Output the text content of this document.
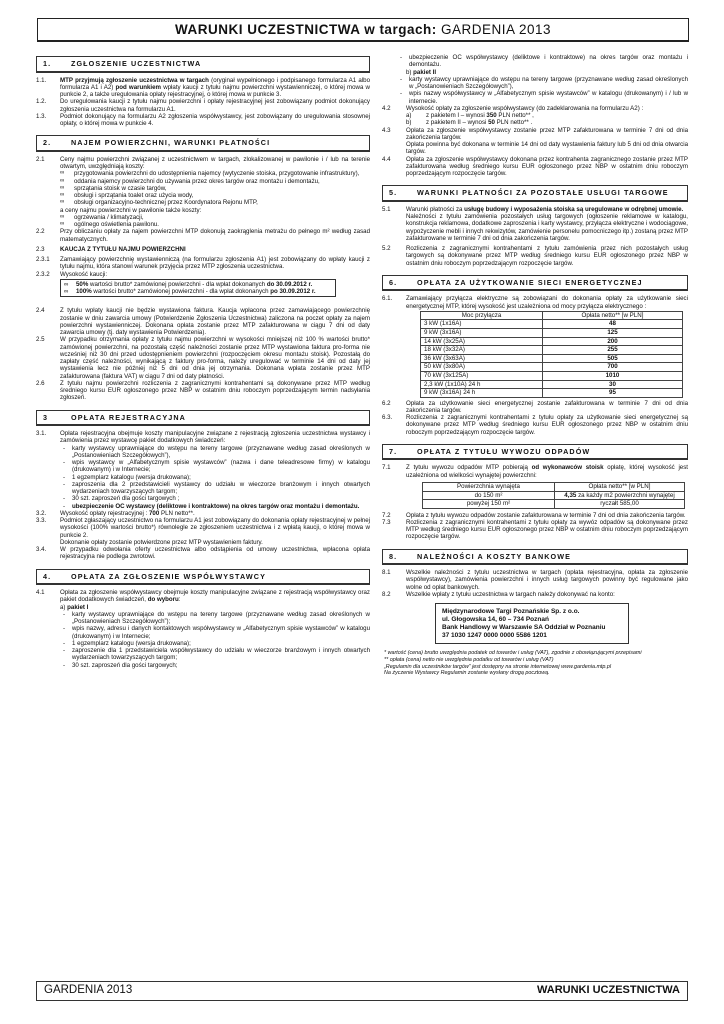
WARUNKI UCZESTNICTWA w targach: GARDENIA 2013
1.	ZGŁOSZENIE UCZESTNICTWA
1.1.	MTP przyjmują zgłoszenie uczestnictwa w targach (oryginał wypełnionego i podpisanego formularza A1 albo formularza A1 i A2) pod warunkiem wpłaty kaucji z tytułu najmu powierzchni wystawienniczej, o której mowa w punkcie 2, a także uregulowania opłaty rejestracyjnej, o której mowa w punkcie 3.
1.2.	Do uregulowania kaucji z tytułu najmu powierzchni i opłaty rejestracyjnej jest zobowiązany podmiot dokonujący zgłoszenia uczestnictwa na formularzu A1.
1.3.	Podmiot dokonujący na formularzu A2 zgłoszenia współwystawcy, jest zobowiązany do uregulowania stosownej opłaty, o której mowa w punkcie 4.
2.	NAJEM POWIERZCHNI, WARUNKI PŁATNOŚCI
2.1	Ceny najmu powierzchni związanej z uczestnictwem w targach, zlokalizowanej w pawilonie i / lub na terenie otwartym, uwzględniają koszty:
∞	przygotowania powierzchni do udostępnienia najemcy (wytyczenie stoiska, przygotowanie infrastruktury),
∞	oddania najemcy powierzchni do używania przez okres targów oraz montażu i demontażu,
∞	sprzątania stoisk w czasie targów,
∞	obsługi i sprzątania toalet oraz użycia wody,
∞	obsługi organizacyjno-technicznej przez Koordynatora Rejonu MTP,
a ceny najmu powierzchni w pawilonie także koszty:
∞	ogrzewania / klimatyzacji,
∞	ogólnego oświetlenia pawilonu.
2.2	Przy obliczaniu opłaty za najem powierzchni MTP dokonują zaokrąglenia metrażu do pełnego m² według zasad matematycznych.
2.3	KAUCJA Z TYTUŁU NAJMU POWIERZCHNI
2.3.1	Zamawiający powierzchnię wystawienniczą (na formularzu zgłoszenia A1) jest zobowiązany do wpłaty kaucji z tytułu najmu, która stanowi warunek przyjęcia przez MTP zgłoszenia uczestnictwa.
2.3.2	Wysokość kaucji:
∞	50% wartości brutto* zamówionej powierzchni - dla wpłat dokonanych do 30.09.2012 r.
∞	100% wartości brutto* zamówionej powierzchni - dla wpłat dokonanych po 30.09.2012 r.
2.4	Z tytułu wpłaty kaucji nie będzie wystawiona faktura. Kaucja wpłacona przez zamawiającego powierzchnię zostanie w dniu zawarcia umowy (Potwierdzenie Zgłoszenia Uczestnictwa) zaliczona na poczet opłaty za najem powierzchni wystawienniczej. Dokonana opłata zostanie przez MTP zafakturowana w ciągu 7 dni od daty zawarcia umowy (tj. daty wystawienia Potwierdzenia).
2.5	W przypadku otrzymania opłaty z tytułu najmu powierzchni w wysokości mniejszej niż 100 % wartości brutto* zamówionej powierzchni, na pozostałą część należności zostanie przez MTP wystawiona faktura pro-forma nie wcześniej niż 30 dni przed udostępnieniem powierzchni (rozpoczęciem okresu montażu stoisk). Pozostałą do zapłaty część należności, wynikającą z faktury pro-forma, należy uregulować w terminie 14 dni od daty jej wystawienia lecz nie później niż 5 dni od dnia jej otrzymania. Dokonana wpłata zostanie przez MTP zafakturowana (faktura VAT) w ciągu 7 dni od daty płatności.
2.6	Z tytułu najmu powierzchni rozliczenia z zagranicznymi kontrahentami są dokonywane przez MTP według średniego kursu EUR ogłoszonego przez NBP w ostatnim dniu roboczym poprzedzającym termin nadsyłania zgłoszeń.
3	OPŁATA REJESTRACYJNA
3.1.	Opłata rejestracyjna obejmuje koszty manipulacyjne związane z rejestracją zgłoszenia uczestnictwa wystawcy i zamówienia przez wystawcę pakiet dodatkowych świadczeń:
-	karty wystawcy uprawniające do wstępu na tereny targowe (przyznawane według zasad określonych w „Postanowieniach Szczegółowych”),
-	wpis wystawcy w „Alfabetycznym spisie wystawców” (nazwa i dane teleadresowe firmy) w katalogu (drukowanym) i w Internecie;
-	1 egzemplarz katalogu (wersja drukowana);
-	zaproszenia dla 2 przedstawicieli wystawcy do udziału w wieczorze branżowym i innych otwartych wydarzeniach towarzyszących targom;
-	30 szt. zaproszeń dla gości targowych ;
-	ubezpieczenie OC wystawcy (deliktowe i kontraktowe) na okres targów oraz montażu i demontażu.
3.2.	Wysokość opłaty rejestracyjnej : 700 PLN netto**.
3.3.	Podmiot zgłaszający uczestnictwo na formularzu A1 jest zobowiązany do dokonania opłaty rejestracyjnej w pełnej wysokości (100% wartości brutto*) równolegle ze zgłoszeniem uczestnictwa i z wpłatą kaucji, o której mowa w punkcie 2.
Dokonanie opłaty zostanie potwierdzone przez MTP wystawieniem faktury.
3.4.	W przypadku odwołania oferty uczestnictwa albo odstąpienia od umowy uczestnictwa, wpłacona opłata rejestracyjna nie podlega zwrotowi.
4.	OPŁATA ZA ZGŁOSZENIE WSPÓŁWYSTAWCY
4.1	Opłata za zgłoszenie współwystawcy obejmuje koszty manipulacyjne związane z rejestracją współwystawcy oraz pakiet dodatkowych świadczeń, do wyboru:
a) pakiet I
-	karty wystawcy uprawniające do wstępu na tereny targowe (przyznawane według zasad określonych w „Postanowieniach Szczegółowych”);
-	wpis nazwy, adresu i danych kontaktowych współwystawcy w „Alfabetycznym spisie wystawców” w katalogu (drukowanym) i w Internecie;
-	1 egzemplarz katalogu (wersja drukowana);
-	zaproszenie dla 1 przedstawiciela współwystawcy do udziału w wieczorze branżowym i innych otwartych wydarzeniach towarzyszących targom;
-	30 szt. zaproszeń dla gości targowych;
-	ubezpieczenie OC współwystawcy (deliktowe i kontraktowe) na okres targów oraz montażu i demontażu.
b) pakiet II
-	karty wystawcy uprawniające do wstępu na tereny targowe (przyznawane według zasad określonych w „Postanowieniach Szczegółowych”),
-	wpis nazwy współwystawcy w „Alfabetycznym spisie wystawców” w katalogu (drukowanym) i / lub w internecie.
4.2	Wysokość opłaty za zgłoszenie współwystawcy (do zadeklarowania na formularzu A2) :
a)	z pakietem I – wynosi 350 PLN netto** ,
b)	z pakietem II – wynosi 50 PLN netto** .
4.3	Opłata za zgłoszenie współwystawcy zostanie przez MTP zafakturowana w terminie 7 dni od dnia zakończenia targów.
Opłata powinna być dokonana w terminie 14 dni od daty wystawienia faktury lub 5 dni od dnia otwarcia targów.
4.4	Opłata za zgłoszenie współwystawcy dokonana przez kontrahenta zagranicznego zostanie przez MTP zafakturowana według średniego kursu EUR ogłoszonego przez NBP w ostatnim dniu roboczym poprzedzającym rozpoczęcie targów.
5.	WARUNKI PŁATNOŚCI ZA POZOSTAŁE USŁUGI TARGOWE
5.1	Warunki płatności za usługę budowy i wyposażenia stoiska są uregulowane w odrębnej umowie.
Należności z tytułu zamówienia pozostałych usług targowych (ogłoszenie reklamowe w katalogu, konstrukcja reklamowa, dodatkowe zaproszenia i karty wystawcy, przyłącza elektryczne i wodociągowe, wypożyczenie mebli i innych rekwizytów, zamówienie personelu pomocniczego itp.) zostaną przez MTP zafakturowane w terminie 7 dni od dnia zakończenia targów.
5.2	Rozliczenia z zagranicznymi kontrahentami z tytułu zamówienia przez nich pozostałych usług targowych są dokonywane przez MTP według średniego kursu EUR ogłoszonego przez NBP w ostatnim dniu roboczym poprzedzającym rozpoczęcie targów.
6.	OPŁATA ZA UŻYTKOWANIE SIECI ENERGETYCZNEJ
6.1.	Zamawiający przyłącza elektryczne są zobowiązani do dokonania opłaty za użytkowanie sieci energetycznej MTP, której wysokość jest uzależniona od mocy przyłącza elektrycznego :
Moc przyłącza	Opłata netto** [w PLN]
3 kW (1x16A)	48
9 kW (3x16A)	125
14 kW (3x25A)	200
18 kW (3x32A)	255
36 kW (3x63A)	505
50 kW (3x80A)	700
70 kW (3x125A)	1010
2,3 kW (1x10A) 24 h	30
9 kW (3x16A) 24 h	95
6.2	Opłata za użytkowanie sieci energetycznej zostanie zafakturowana w terminie 7 dni od dnia zakończenia targów.
6.3.	Rozliczenia z zagranicznymi kontrahentami z tytułu opłaty za użytkowanie sieci energetycznej są dokonywane przez MTP według średniego kursu EUR ogłoszonego przez NBP w ostatnim dniu roboczym poprzedzającym rozpoczęcie targów.
7.	OPŁATA Z TYTUŁU WYWOZU ODPADÓW
7.1	Z tytułu wywozu odpadów MTP pobierają od wykonawców stoisk opłatę, której wysokość jest uzależniona od wielkości wynajętej powierzchni:
Powierzchnia wynajęta	Opłata netto** [w PLN]
do 150 m²	4,35 za każdy m2 powierzchni wynajętej
powyżej 150 m²	ryczałt 585,00
7.2	Opłata z tytułu wywozu odpadów zostanie zafakturowana w terminie 7 dni od dnia zakończenia targów.
7.3	Rozliczenia z zagranicznymi kontrahentami z tytułu opłaty za wywóz odpadów są dokonywane przez MTP według średniego kursu EUR ogłoszonego przez NBP w ostatnim dniu roboczym poprzedzającym rozpoczęcie targów.
8.	NALEŻNOŚCI A KOSZTY BANKOWE
8.1	Wszelkie należności z tytułu uczestnictwa w targach (opłata rejestracyjna, opłata za zgłoszenie współwystawcy), zamówienia powierzchni i innych usług targowych powinny być regulowane jako wolne od opłat bankowych.
8.2	Wszelkie wpłaty z tytułu uczestnictwa w targach należy dokonywać na konto:
Międzynarodowe Targi Poznańskie Sp. z o.o.
ul. Głogowska 14, 60 – 734 Poznań
Bank Handlowy w Warszawie SA Oddział w Poznaniu
37 1030 1247 0000 0000 5586 1201
* wartość (cena) brutto uwzględnia podatek od towarów i usług (VAT), zgodnie z obowiązującymi przepisami
** opłata (cena) netto nie uwzględnia podatku od towarów i usług (VAT)
„Regulamin dla uczestników targów” jest dostępny na stronie internetowej www.gardenia.mtp.pl
Na życzenie Wystawcy Regulamin zostanie wysłany drogą pocztową.
GARDENIA 2013	WARUNKI UCZESTNICTWA
